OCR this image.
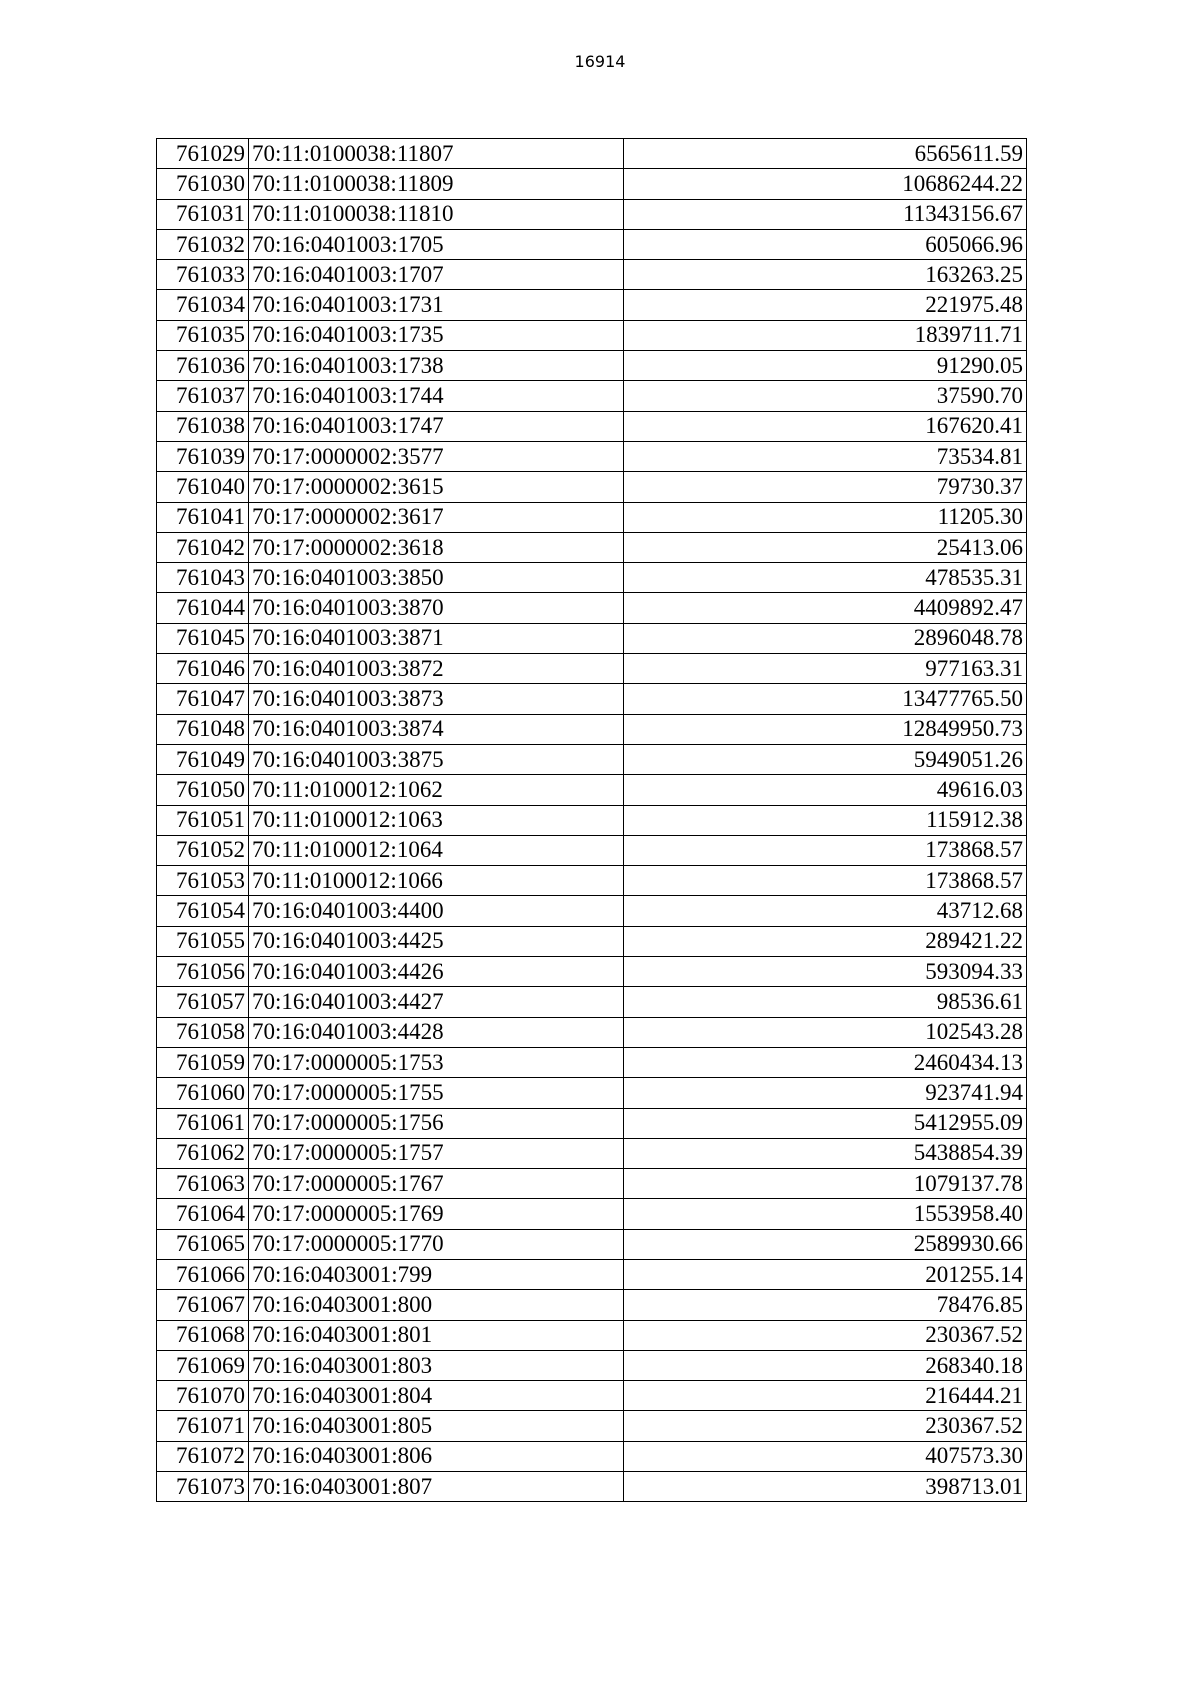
16914
761029	70:11:0100038:11807	6565611.59
761030	70:11:0100038:11809	10686244.22
761031	70:11:0100038:11810	11343156.67
761032	70:16:0401003:1705	605066.96
761033	70:16:0401003:1707	163263.25
761034	70:16:0401003:1731	221975.48
761035	70:16:0401003:1735	1839711.71
761036	70:16:0401003:1738	91290.05
761037	70:16:0401003:1744	37590.70
761038	70:16:0401003:1747	167620.41
761039	70:17:0000002:3577	73534.81
761040	70:17:0000002:3615	79730.37
761041	70:17:0000002:3617	11205.30
761042	70:17:0000002:3618	25413.06
761043	70:16:0401003:3850	478535.31
761044	70:16:0401003:3870	4409892.47
761045	70:16:0401003:3871	2896048.78
761046	70:16:0401003:3872	977163.31
761047	70:16:0401003:3873	13477765.50
761048	70:16:0401003:3874	12849950.73
761049	70:16:0401003:3875	5949051.26
761050	70:11:0100012:1062	49616.03
761051	70:11:0100012:1063	115912.38
761052	70:11:0100012:1064	173868.57
761053	70:11:0100012:1066	173868.57
761054	70:16:0401003:4400	43712.68
761055	70:16:0401003:4425	289421.22
761056	70:16:0401003:4426	593094.33
761057	70:16:0401003:4427	98536.61
761058	70:16:0401003:4428	102543.28
761059	70:17:0000005:1753	2460434.13
761060	70:17:0000005:1755	923741.94
761061	70:17:0000005:1756	5412955.09
761062	70:17:0000005:1757	5438854.39
761063	70:17:0000005:1767	1079137.78
761064	70:17:0000005:1769	1553958.40
761065	70:17:0000005:1770	2589930.66
761066	70:16:0403001:799	201255.14
761067	70:16:0403001:800	78476.85
761068	70:16:0403001:801	230367.52
761069	70:16:0403001:803	268340.18
761070	70:16:0403001:804	216444.21
761071	70:16:0403001:805	230367.52
761072	70:16:0403001:806	407573.30
761073	70:16:0403001:807	398713.01
